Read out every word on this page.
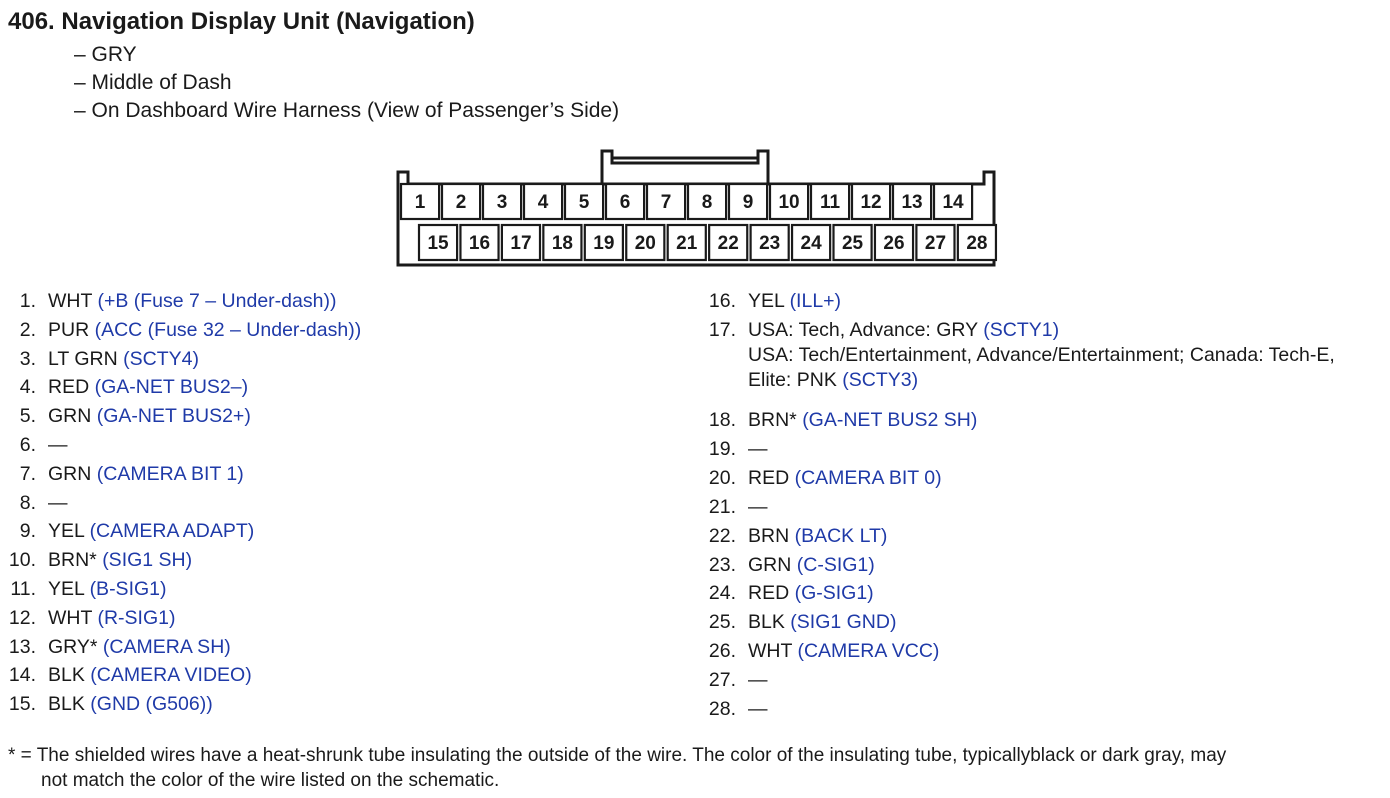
406. Navigation Display Unit (Navigation)
– GRY
– Middle of Dash
– On Dashboard Wire Harness (View of Passenger’s Side)
1 2 3 4 5 6 7 8 9 10 11 12 13 14
15 16 17 18 19 20 21 22 23 24 25 26 27 28
1. WHT (+B (Fuse 7 – Under-dash))
2. PUR (ACC (Fuse 32 – Under-dash))
3. LT GRN (SCTY4)
4. RED (GA-NET BUS2–)
5. GRN (GA-NET BUS2+)
6. —
7. GRN (CAMERA BIT 1)
8. —
9. YEL (CAMERA ADAPT)
10. BRN* (SIG1 SH)
11. YEL (B-SIG1)
12. WHT (R-SIG1)
13. GRY* (CAMERA SH)
14. BLK (CAMERA VIDEO)
15. BLK (GND (G506))
16. YEL (ILL+)
17. USA: Tech, Advance: GRY (SCTY1)
USA: Tech/Entertainment, Advance/Entertainment; Canada: Tech-E,
Elite: PNK (SCTY3)
18. BRN* (GA-NET BUS2 SH)
19. —
20. RED (CAMERA BIT 0)
21. —
22. BRN (BACK LT)
23. GRN (C-SIG1)
24. RED (G-SIG1)
25. BLK (SIG1 GND)
26. WHT (CAMERA VCC)
27. —
28. —
* = The shielded wires have a heat-shrunk tube insulating the outside of the wire. The color of the insulating tube, typicallyblack or dark gray, may
not match the color of the wire listed on the schematic.
